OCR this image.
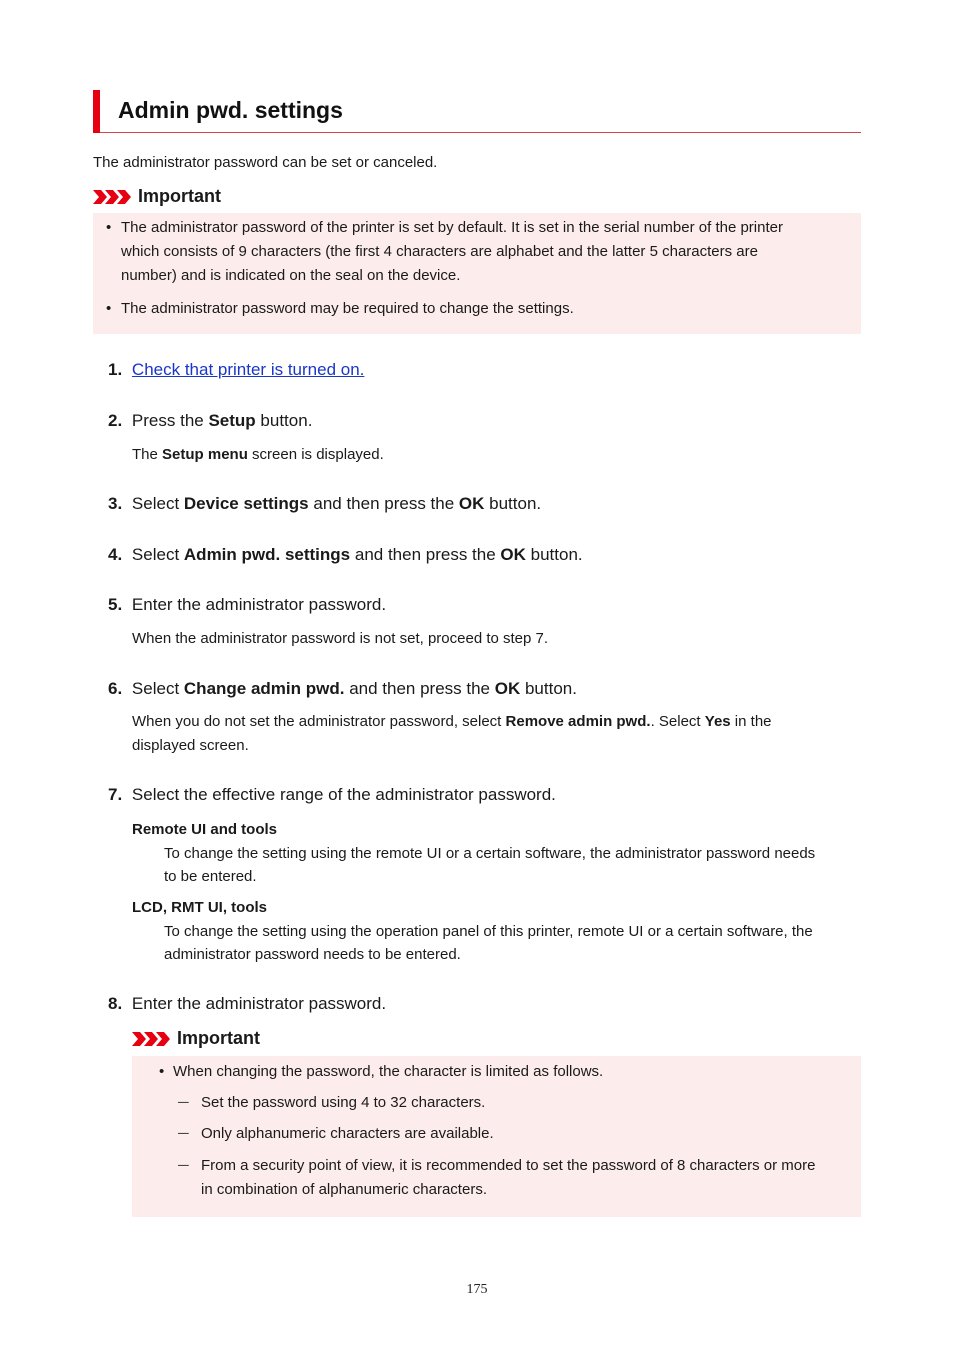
Admin pwd. settings
The administrator password can be set or canceled.
Important
• The administrator password of the printer is set by default. It is set in the serial number of the printer
which consists of 9 characters (the first 4 characters are alphabet and the latter 5 characters are
number) and is indicated on the seal on the device.
• The administrator password may be required to change the settings.
1. Check that printer is turned on.
2. Press the Setup button.
The Setup menu screen is displayed.
3. Select Device settings and then press the OK button.
4. Select Admin pwd. settings and then press the OK button.
5. Enter the administrator password.
When the administrator password is not set, proceed to step 7.
6. Select Change admin pwd. and then press the OK button.
When you do not set the administrator password, select Remove admin pwd.. Select Yes in the
displayed screen.
7. Select the effective range of the administrator password.
Remote UI and tools
To change the setting using the remote UI or a certain software, the administrator password needs
to be entered.
LCD, RMT UI, tools
To change the setting using the operation panel of this printer, remote UI or a certain software, the
administrator password needs to be entered.
8. Enter the administrator password.
Important
• When changing the password, the character is limited as follows.
─ Set the password using 4 to 32 characters.
─ Only alphanumeric characters are available.
─ From a security point of view, it is recommended to set the password of 8 characters or more
in combination of alphanumeric characters.
175
